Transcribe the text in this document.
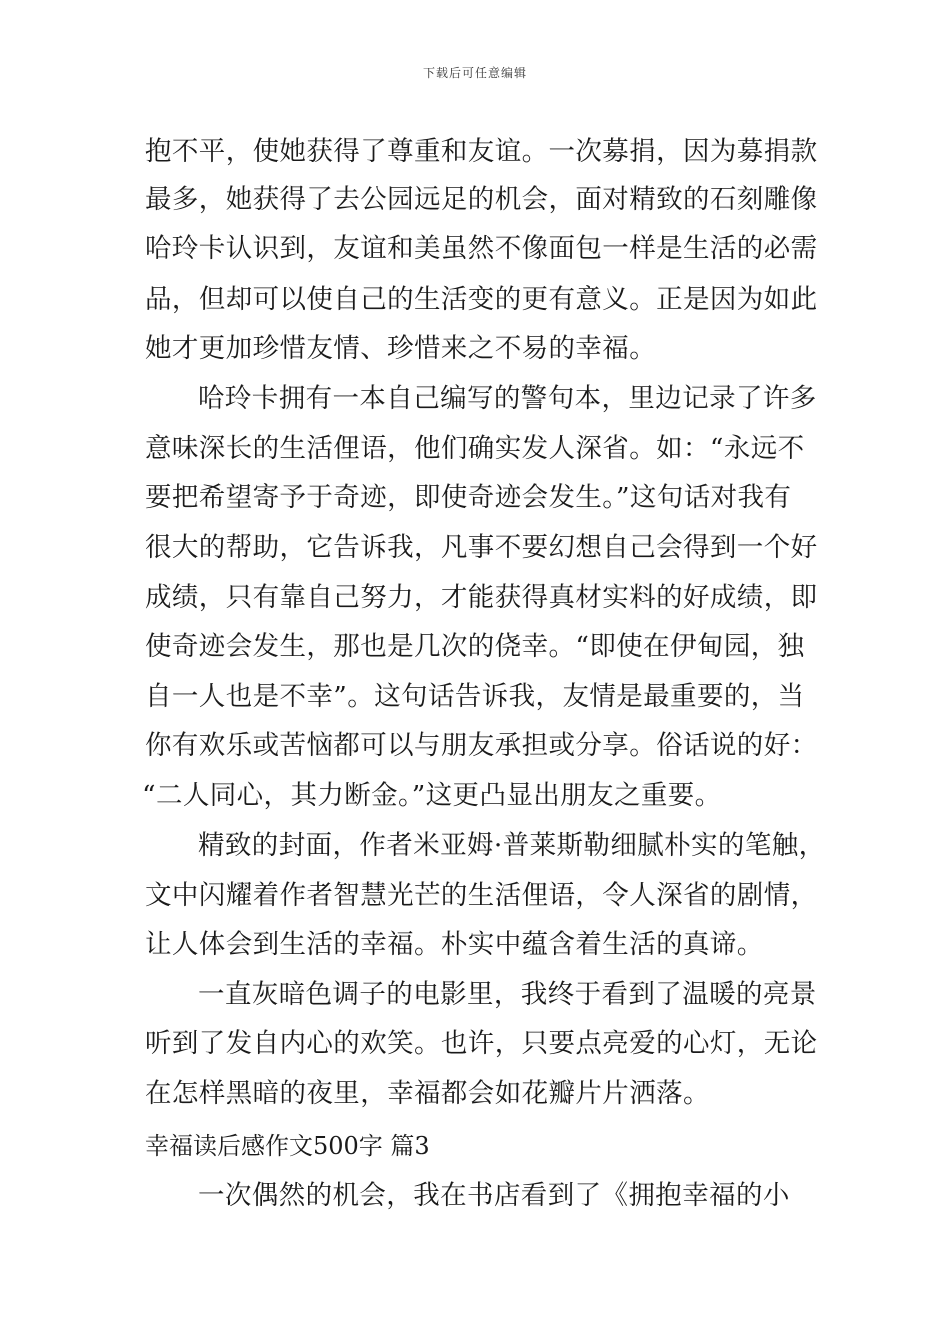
下载后可任意编辑
抱不平，使她获得了尊重和友谊。一次募捐，因为募捐款
最多，她获得了去公园远足的机会，面对精致的石刻雕像
哈玲卡认识到，友谊和美虽然不像面包一样是生活的必需
品，但却可以使自己的生活变的更有意义。正是因为如此
她才更加珍惜友情、珍惜来之不易的幸福。
哈玲卡拥有一本自己编写的警句本，里边记录了许多
意味深长的生活俚语，他们确实发人深省。如：“永远不
要把希望寄予于奇迹，即使奇迹会发生。”这句话对我有
很大的帮助，它告诉我，凡事不要幻想自己会得到一个好
成绩，只有靠自己努力，才能获得真材实料的好成绩，即
使奇迹会发生，那也是几次的侥幸。“即使在伊甸园，独
自一人也是不幸”。这句话告诉我，友情是最重要的，当
你有欢乐或苦恼都可以与朋友承担或分享。俗话说的好：
“二人同心，其力断金。”这更凸显出朋友之重要。
精致的封面，作者米亚姆·普莱斯勒细腻朴实的笔触，
文中闪耀着作者智慧光芒的生活俚语，令人深省的剧情，
让人体会到生活的幸福。朴实中蕴含着生活的真谛。
一直灰暗色调子的电影里，我终于看到了温暖的亮景
听到了发自内心的欢笑。也许，只要点亮爱的心灯，无论
在怎样黑暗的夜里，幸福都会如花瓣片片洒落。
幸福读后感作文500字 篇3
一次偶然的机会，我在书店看到了《拥抱幸福的小
